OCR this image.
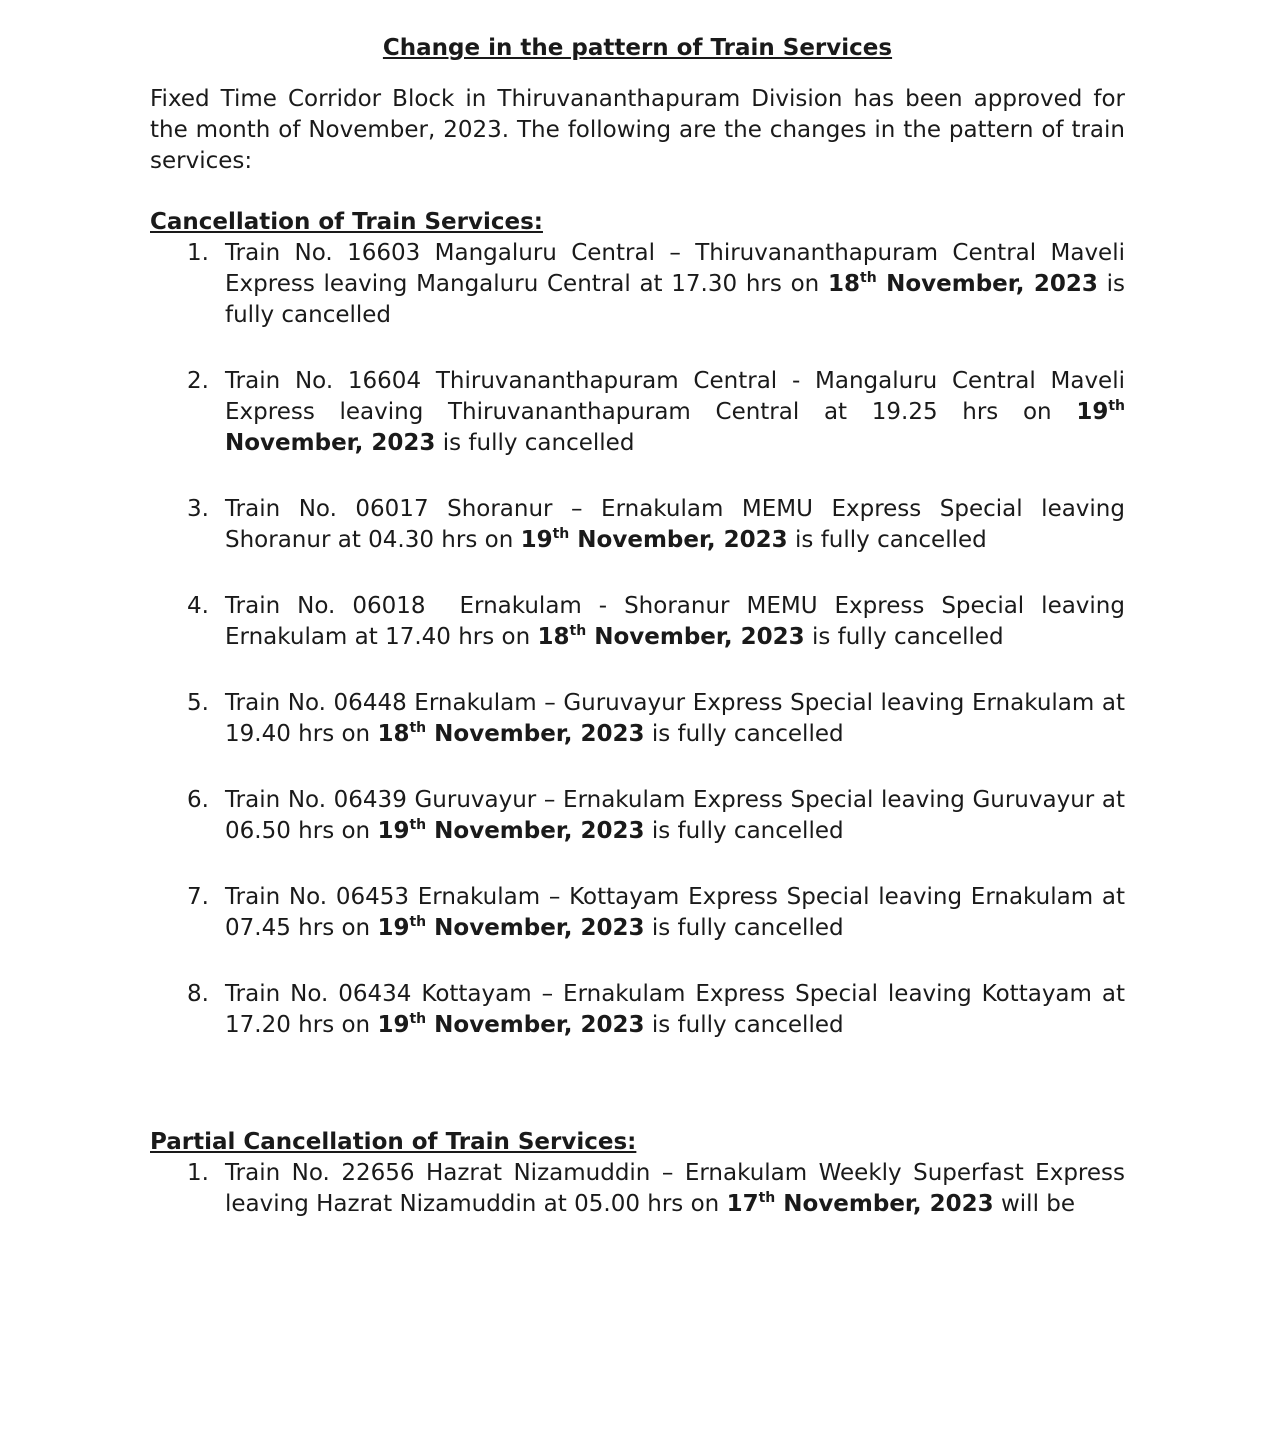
Change in the pattern of Train Services

Fixed Time Corridor Block in Thiruvananthapuram Division has been approved for the month of November, 2023. The following are the changes in the pattern of train services:

Cancellation of Train Services:
1. Train No. 16603 Mangaluru Central – Thiruvananthapuram Central Maveli Express leaving Mangaluru Central at 17.30 hrs on 18th November, 2023 is fully cancelled
2. Train No. 16604 Thiruvananthapuram Central - Mangaluru Central Maveli Express leaving Thiruvananthapuram Central at 19.25 hrs on 19th November, 2023 is fully cancelled
3. Train No. 06017 Shoranur – Ernakulam MEMU Express Special leaving Shoranur at 04.30 hrs on 19th November, 2023 is fully cancelled
4. Train No. 06018  Ernakulam - Shoranur MEMU Express Special leaving Ernakulam at 17.40 hrs on 18th November, 2023 is fully cancelled
5. Train No. 06448 Ernakulam – Guruvayur Express Special leaving Ernakulam at 19.40 hrs on 18th November, 2023 is fully cancelled
6. Train No. 06439 Guruvayur – Ernakulam Express Special leaving Guruvayur at 06.50 hrs on 19th November, 2023 is fully cancelled
7. Train No. 06453 Ernakulam – Kottayam Express Special leaving Ernakulam at 07.45 hrs on 19th November, 2023 is fully cancelled
8. Train No. 06434 Kottayam – Ernakulam Express Special leaving Kottayam at 17.20 hrs on 19th November, 2023 is fully cancelled
Partial Cancellation of Train Services:
1. Train No. 22656 Hazrat Nizamuddin – Ernakulam Weekly Superfast Express leaving Hazrat Nizamuddin at 05.00 hrs on 17th November, 2023 will be
